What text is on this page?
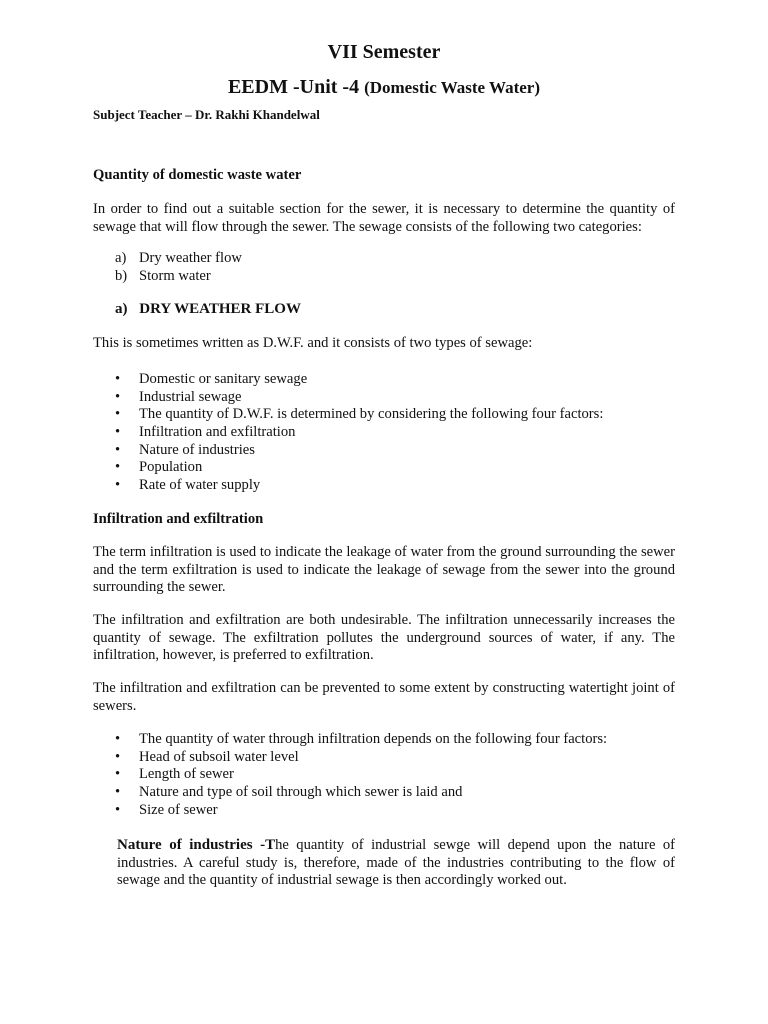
VII Semester
EEDM -Unit -4 (Domestic Waste Water)
Subject Teacher – Dr. Rakhi Khandelwal
Quantity of domestic waste water
In order to find out a suitable section for the sewer, it is necessary to determine the quantity of sewage that will flow through the sewer. The sewage consists of the following two categories:
a) Dry weather flow
b) Storm water
a) DRY WEATHER FLOW
This is sometimes written as D.W.F. and it consists of two types of sewage:
• Domestic or sanitary sewage
• Industrial sewage
• The quantity of D.W.F. is determined by considering the following four factors:
• Infiltration and exfiltration
• Nature of industries
• Population
• Rate of water supply
Infiltration and exfiltration
The term infiltration is used to indicate the leakage of water from the ground surrounding the sewer and the term exfiltration is used to indicate the leakage of sewage from the sewer into the ground surrounding the sewer.
The infiltration and exfiltration are both undesirable. The infiltration unnecessarily increases the quantity of sewage. The exfiltration pollutes the underground sources of water, if any. The infiltration, however, is preferred to exfiltration.
The infiltration and exfiltration can be prevented to some extent by constructing watertight joint of sewers.
• The quantity of water through infiltration depends on the following four factors:
• Head of subsoil water level
• Length of sewer
• Nature and type of soil through which sewer is laid and
• Size of sewer
Nature of industries -The quantity of industrial sewge will depend upon the nature of industries. A careful study is, therefore, made of the industries contributing to the flow of sewage and the quantity of industrial sewage is then accordingly worked out.
